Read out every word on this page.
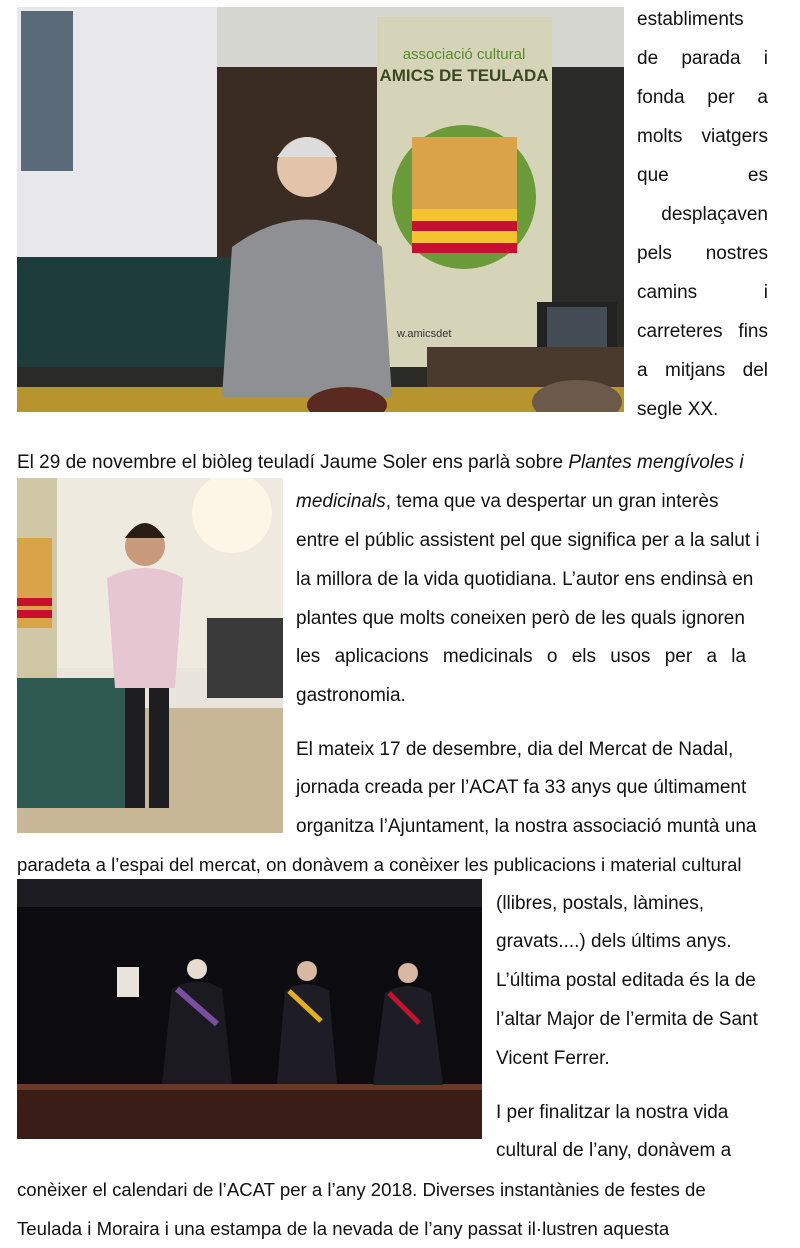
associació cultural
AMICS DE TEULADA
w.amicsdet
establiments
de parada i
fonda per a
molts viatgers
que	es
desplaçaven
pels nostres
camins	i
carreteres fins
a mitjans del
segle XX.
El 29 de novembre el biòleg teuladí Jaume Soler ens parlà sobre Plantes mengívoles i
medicinals, tema que va despertar un gran interès
entre el públic assistent pel que significa per a la salut i
la millora de la vida quotidiana. L’autor ens endinsà en
plantes que molts coneixen però de les quals ignoren
les aplicacions medicinals o els usos per a la
gastronomia.
El mateix 17 de desembre, dia del Mercat de Nadal,
jornada creada per l’ACAT fa 33 anys que últimament
organitza l’Ajuntament, la nostra associació muntà una
paradeta a l’espai del mercat, on donàvem a conèixer les publicacions i material cultural
(llibres, postals, làmines,
gravats....) dels últims anys.
L’última postal editada és la de
l’altar Major de l’ermita de Sant
Vicent Ferrer.
I per finalitzar la nostra vida
cultural de l’any, donàvem a
conèixer el calendari de l’ACAT per a l’any 2018. Diverses instantànies de festes de
Teulada i Moraira i una estampa de la nevada de l’any passat il·lustren aquesta
